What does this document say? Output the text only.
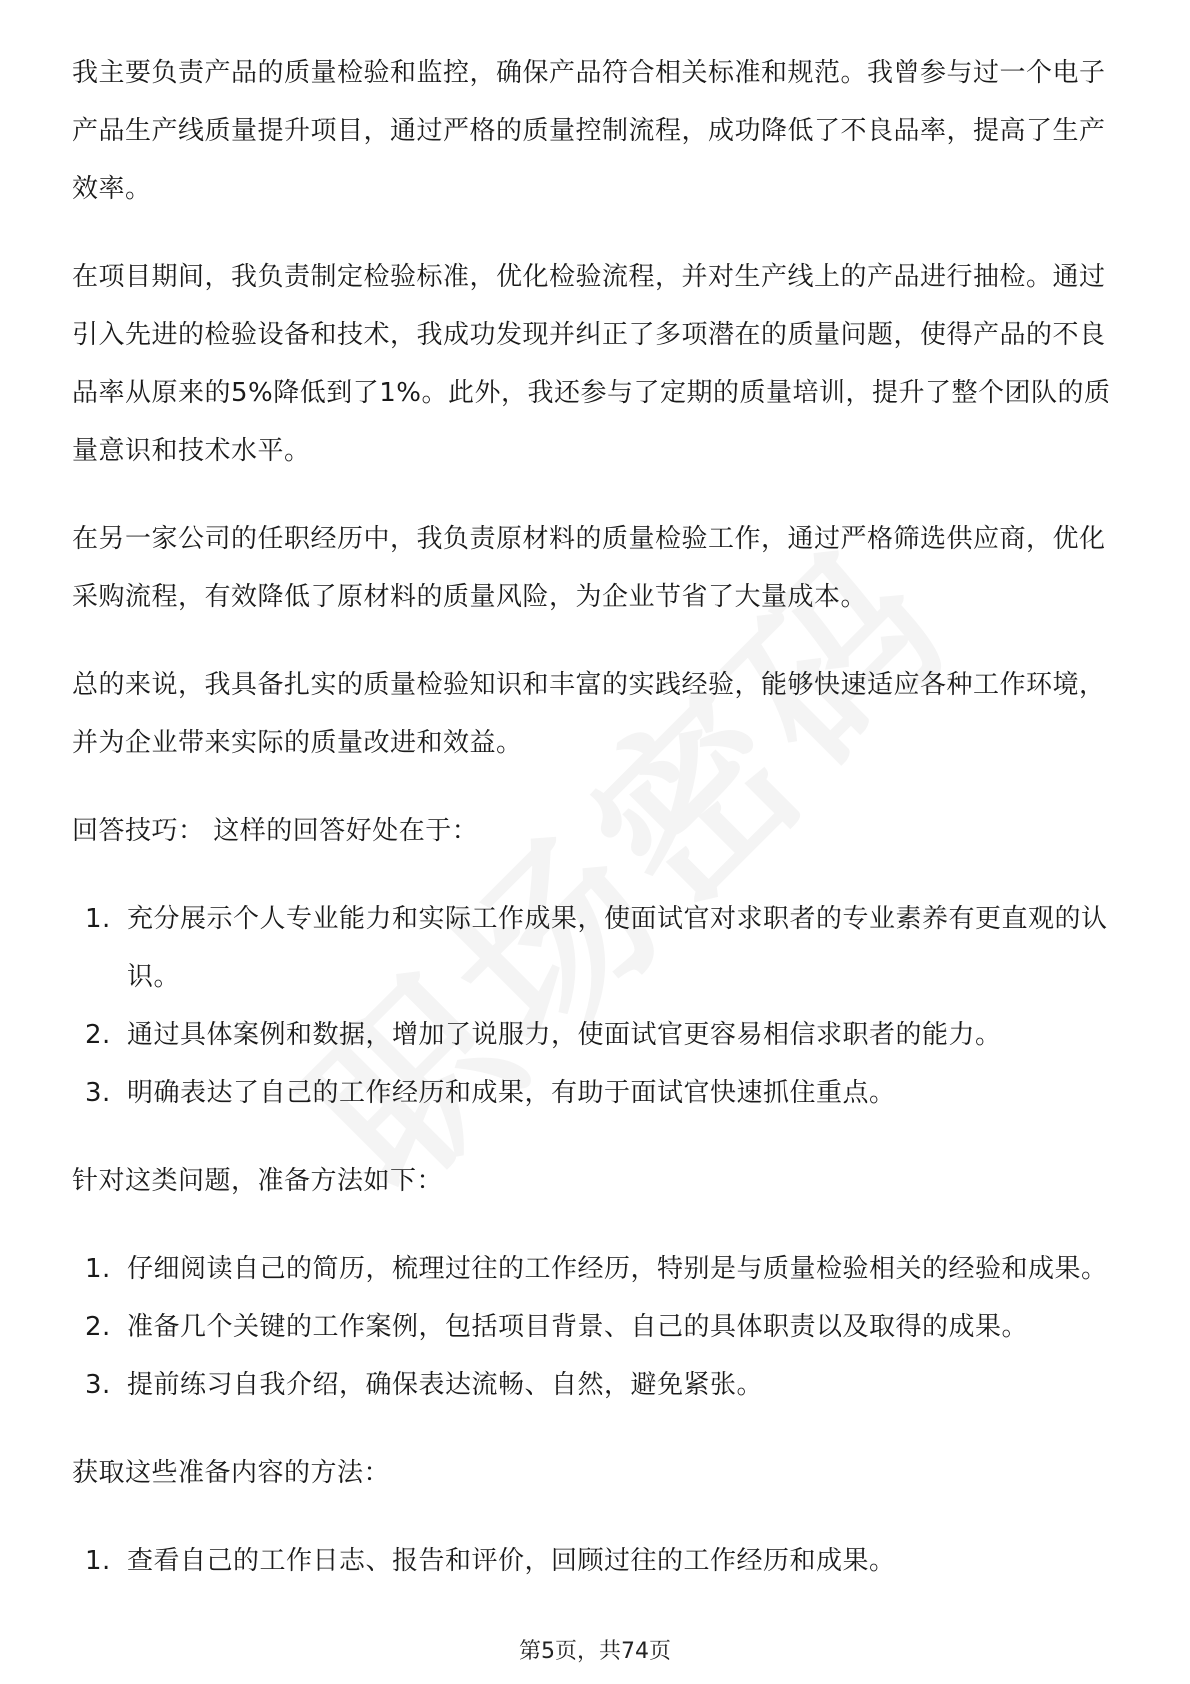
我主要负责产品的质量检验和监控，确保产品符合相关标准和规范。我曾参与过一个电子产品生产线质量提升项目，通过严格的质量控制流程，成功降低了不良品率，提高了生产效率。

在项目期间，我负责制定检验标准，优化检验流程，并对生产线上的产品进行抽检。通过引入先进的检验设备和技术，我成功发现并纠正了多项潜在的质量问题，使得产品的不良品率从原来的5%降低到了1%。此外，我还参与了定期的质量培训，提升了整个团队的质量意识和技术水平。

在另一家公司的任职经历中，我负责原材料的质量检验工作，通过严格筛选供应商，优化采购流程，有效降低了原材料的质量风险，为企业节省了大量成本。

总的来说，我具备扎实的质量检验知识和丰富的实践经验，能够快速适应各种工作环境，并为企业带来实际的质量改进和效益。

回答技巧： 这样的回答好处在于：

1. 充分展示个人专业能力和实际工作成果，使面试官对求职者的专业素养有更直观的认识。
2. 通过具体案例和数据，增加了说服力，使面试官更容易相信求职者的能力。
3. 明确表达了自己的工作经历和成果，有助于面试官快速抓住重点。

针对这类问题，准备方法如下：

1. 仔细阅读自己的简历，梳理过往的工作经历，特别是与质量检验相关的经验和成果。
2. 准备几个关键的工作案例，包括项目背景、自己的具体职责以及取得的成果。
3. 提前练习自我介绍，确保表达流畅、自然，避免紧张。

获取这些准备内容的方法：

1. 查看自己的工作日志、报告和评价，回顾过往的工作经历和成果。
第5页，共74页
